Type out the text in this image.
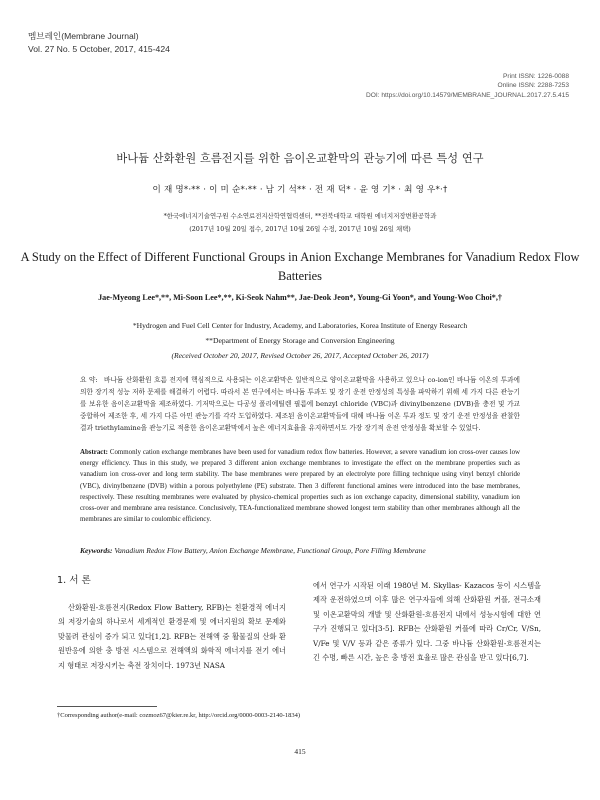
멤브레인(Membrane Journal)
Vol. 27 No. 5 October, 2017, 415-424
Print ISSN: 1226-0088
Online ISSN: 2288-7253
DOI: https://doi.org/10.14579/MEMBRANE_JOURNAL.2017.27.5.415
바나듐 산화환원 흐름전지를 위한 음이온교환막의 관능기에 따른 특성 연구
이 재 명*·** · 이 미 순*·** · 남 기 석** · 전 재 덕* · 윤 영 기* · 최 영 우*·†
*한국에너지기술연구원 수소연료전지산학연협력센터, **전북대학교 대학원 에너지저장변환공학과
(2017년 10월 20일 접수, 2017년 10월 26일 수정, 2017년 10월 26일 채택)
A Study on the Effect of Different Functional Groups in Anion Exchange Membranes for Vanadium Redox Flow Batteries
Jae-Myeong Lee*,**, Mi-Soon Lee*,**, Ki-Seok Nahm**, Jae-Deok Jeon*, Young-Gi Yoon*, and Young-Woo Choi*,†
*Hydrogen and Fuel Cell Center for Industry, Academy, and Laboratories, Korea Institute of Energy Research
**Department of Energy Storage and Conversion Engineering
(Received October 20, 2017, Revised October 26, 2017, Accepted October 26, 2017)
요 약: 바나듐 산화환원 흐름 전지에 핵심적으로 사용되는 이온교환막은 일반적으로 양이온교환막을 사용하고 있으나 co-ion인 바나듐 이온의 투과에 의한 장기적 성능 저하 문제를 해결하기 어렵다. 따라서 본 연구에서는 바나듐 투과도 및 장기 운전 안정성의 특성을 파악하기 위해 세 가지 다른 관능기를 보유한 음이온교환막을 제조하였다. 기저막으로는 다공성 폴리에틸렌 필름에 benzyl chloride (VBC)과 divinylbenzene (DVB)을 충전 및 가교 중합하여 제조한 후, 세 가지 다른 아민 관능기를 각각 도입하였다. 제조된 음이온교환막들에 대해 바나듐 이온 투과 정도 및 장기 운전 안정성을 관찰한 결과 triethylamine을 관능기로 적용한 음이온교환막에서 높은 에너지효율을 유지하면서도 가장 장기적 운전 안정성을 확보할 수 있었다.
Abstract: Commonly cation exchange membranes have been used for vanadium redox flow batteries. However, a severe vanadium ion cross-over causes low energy efficiency. Thus in this study, we prepared 3 different anion exchange membranes to investigate the effect on the membrane properties such as vanadium ion cross-over and long term stability. The base membranes were prepared by an electrolyte pore filling technique using vinyl benzyl chloride (VBC), divinylbenzene (DVB) within a porous polyethylene (PE) substrate. Then 3 different functional amines were introduced into the base membranes, respectively. These resulting membranes were evaluated by physico-chemical properties such as ion exchange capacity, dimensional stability, vanadium ion cross-over and membrane area resistance. Conclusively, TEA-functionalized membrane showed longest term stability than other membranes although all the membranes are similar to coulombic efficiency.
Keywords: Vanadium Redox Flow Battery, Anion Exchange Membrane, Functional Group, Pore Filling Membrane
1. 서 론
산화환원-흐름전지(Redox Flow Battery, RFB)는 친환경적 에너지의 저장기술의 하나로서 세계적인 환경문제 및 에너지원의 확보 문제와 맞물려 관심이 증가 되고 있다[1,2]. RFB는 전해액 중 활물질의 산화 환원반응에 의한 충 방전 시스템으로 전해액의 화학적 에너지를 전기 에너지 형태로 저장시키는 축전 장치이다. 1973년 NASA
에서 연구가 시작된 이래 1980년 M. Skyllas- Kazacos 등이 시스템을 제작 운전하였으며 이후 많은 연구자들에 의해 산화환원 커플, 전극소재 및 이온교환막의 개발 및 산화환원-흐름전지 내에서 성능시험에 대한 연구가 진행되고 있다[3-5]. RFB는 산화환원 커플에 따라 Cr/Cr, V/Sn, V/Fe 및 V/V 등과 같은 종류가 있다. 그중 바나듐 산화환원-흐름전지는 긴 수명, 빠른 시간, 높은 충 방전 효율로 많은 관심을 받고 있다[6,7].
†Corresponding author(e-mail: cozmoz67@kier.re.kr, http://orcid.org/0000-0003-2140-1834)
415
